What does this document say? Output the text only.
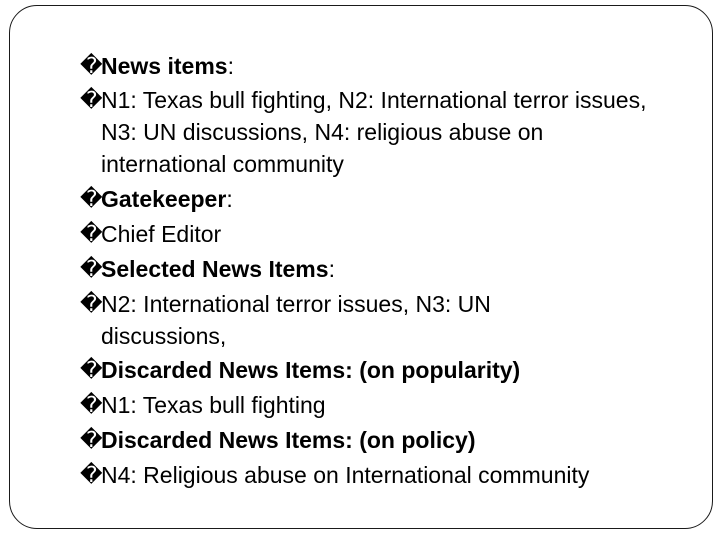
�
News items:
�
N1: Texas bull fighting, N2: International terror issues, N3: UN discussions, N4: religious abuse on international community
�
Gatekeeper:
�
Chief Editor
�
Selected News Items:
�
N2: International terror issues, N3: UN discussions,
�
Discarded News Items: (on popularity)
�
N1: Texas bull fighting
�
Discarded News Items: (on policy)
�
N4: Religious abuse on International community
